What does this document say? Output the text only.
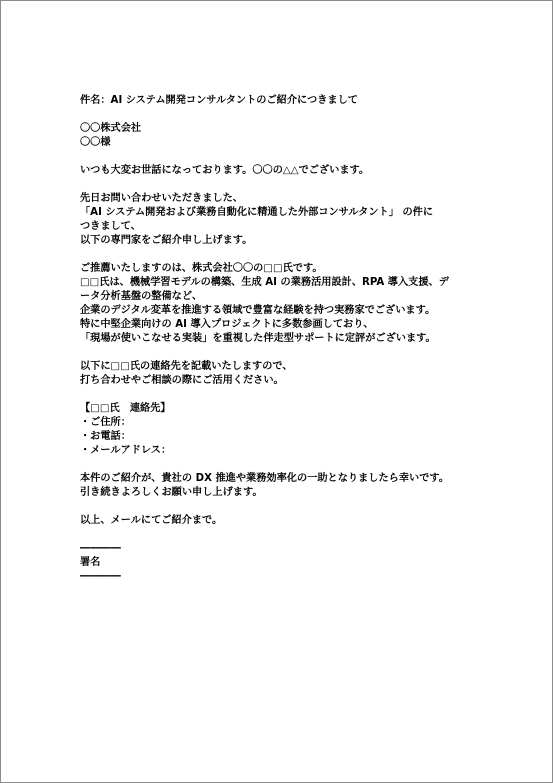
件名：AI システム開発コンサルタントのご紹介につきまして

〇〇株式会社
〇〇様

いつも大変お世話になっております。〇〇の△△でございます。

先日お問い合わせいただきました、
「AI システム開発および業務自動化に精通した外部コンサルタント」 の件に
つきまして、
以下の専門家をご紹介申し上げます。

ご推薦いたしますのは、株式会社〇〇の□□氏です。
□□氏は、機械学習モデルの構築、生成 AI の業務活用設計、RPA 導入支援、デ
ータ分析基盤の整備など、
企業のデジタル変革を推進する領域で豊富な経験を持つ実務家でございます。
特に中堅企業向けの AI 導入プロジェクトに多数参画しており、
「現場が使いこなせる実装」を重視した伴走型サポートに定評がございます。

以下に□□氏の連絡先を記載いたしますので、
打ち合わせやご相談の際にご活用ください。

【□□氏　連絡先】
・ご住所：
・お電話：
・メールアドレス：

本件のご紹介が、貴社の DX 推進や業務効率化の一助となりましたら幸いです。
引き続きよろしくお願い申し上げます。

以上、メールにてご紹介まで。

――――
署名
――――
